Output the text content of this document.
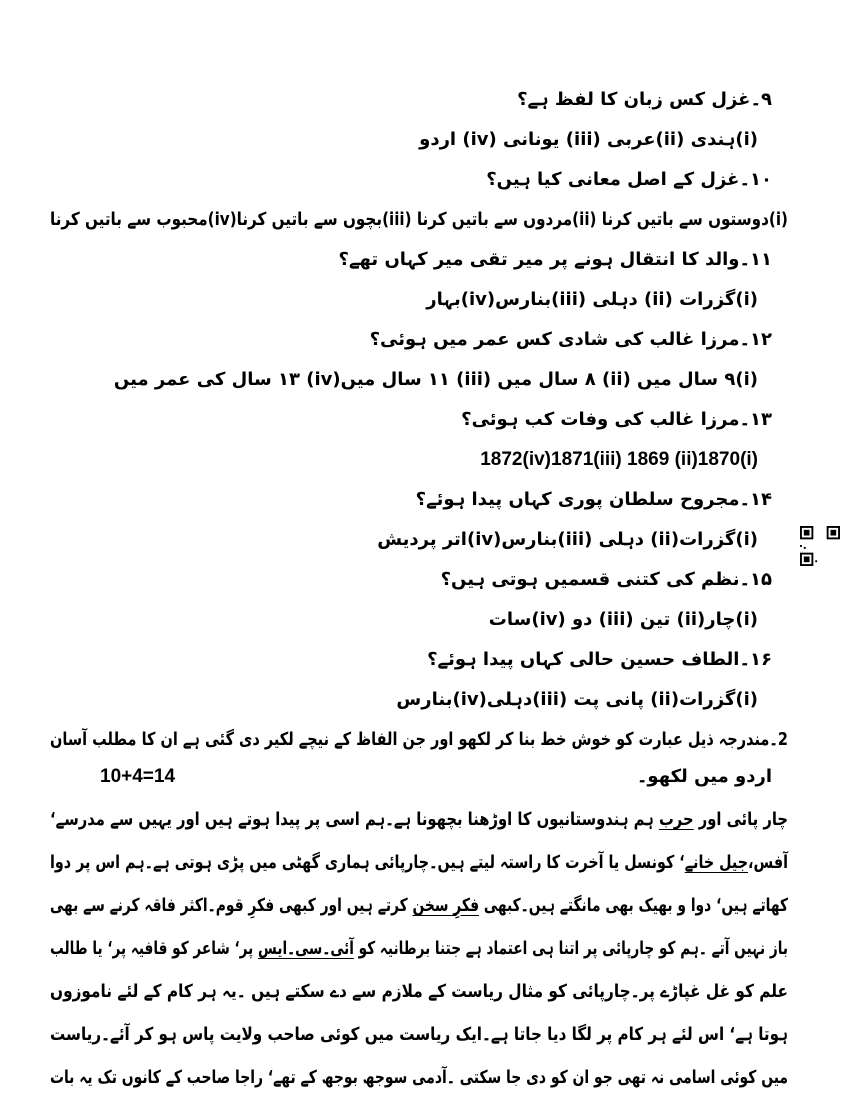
۹۔غزل کس زبان کا لفظ ہے؟
(i)ہندی (ii)عربی (iii) یونانی (iv) اردو
۱۰۔غزل کے اصل معانی کیا ہیں؟
(i)دوستوں سے باتیں کرنا (ii)مردوں سے باتیں کرنا (iii)بچوں سے باتیں کرنا(iv)محبوب سے باتیں کرنا
۱۱۔والد کا انتقال ہونے پر میر تقی میر کہاں تھے؟
(i)گزرات (ii) دہلی (iii)بنارس(iv)بہار
۱۲۔مرزا غالب کی شادی کس عمر میں ہوئی؟
(i)۹ سال میں (ii) ۸ سال میں (iii) ۱۱ سال میں(iv) ۱۳ سال کی عمر میں
۱۳۔مرزا غالب کی وفات کب ہوئی؟
1872(iv)1871(iii) 1869 (ii)1870(i)
۱۴۔مجروح سلطان پوری کہاں پیدا ہوئے؟
(i)گزرات(ii) دہلی (iii)بنارس(iv)اتر پردیش
۱۵۔نظم کی کتنی قسمیں ہوتی ہیں؟
(i)چار(ii) تین (iii) دو (iv)سات
۱۶۔الطاف حسین حالی کہاں پیدا ہوئے؟
(i)گزرات(ii) پانی پت (iii)دہلی(iv)بنارس
2۔مندرجہ ذیل عبارت کو خوش خط بنا کر لکھو اور جن الفاظ کے نیچے لکیر دی گئی ہے ان کا مطلب آسان
اردو میں لکھو۔
10+4=14
چار پائی اور حرب ہم ہندوستانیوں کا اوڑھنا بچھونا ہے۔ہم اسی پر پیدا ہوتے ہیں اور یہیں سے مدرسے‘
آفس،جیل خانے‘ کونسل یا آخرت کا راستہ لیتے ہیں۔چارپائی ہماری گھٹی میں پڑی ہوتی ہے۔ہم اس پر دوا
کھاتے ہیں‘ دوا و بھیک بھی مانگتے ہیں۔کبھی فکرِ سخن کرتے ہیں اور کبھی فکرِ قوم۔اکثر فاقہ کرنے سے بھی
باز نہیں آتے ۔ہم کو چارپائی پر اتنا ہی اعتماد ہے جتنا برطانیہ کو آئی۔سی۔ایس پر‘ شاعر کو قافیہ پر‘ یا طالب
علم کو غل غپاڑے پر۔چارپائی کو مثال ریاست کے ملازم سے دے سکتے ہیں ۔یہ ہر کام کے لئے ناموزوں
ہوتا ہے‘ اس لئے ہر کام پر لگا دیا جاتا ہے۔ایک ریاست میں کوئی صاحب ولایت پاس ہو کر آئے۔ریاست
میں کوئی اسامی نہ تھی جو ان کو دی جا سکتی ۔آدمی سوجھ بوجھ کے تھے‘ راجا صاحب کے کانوں تک یہ بات
